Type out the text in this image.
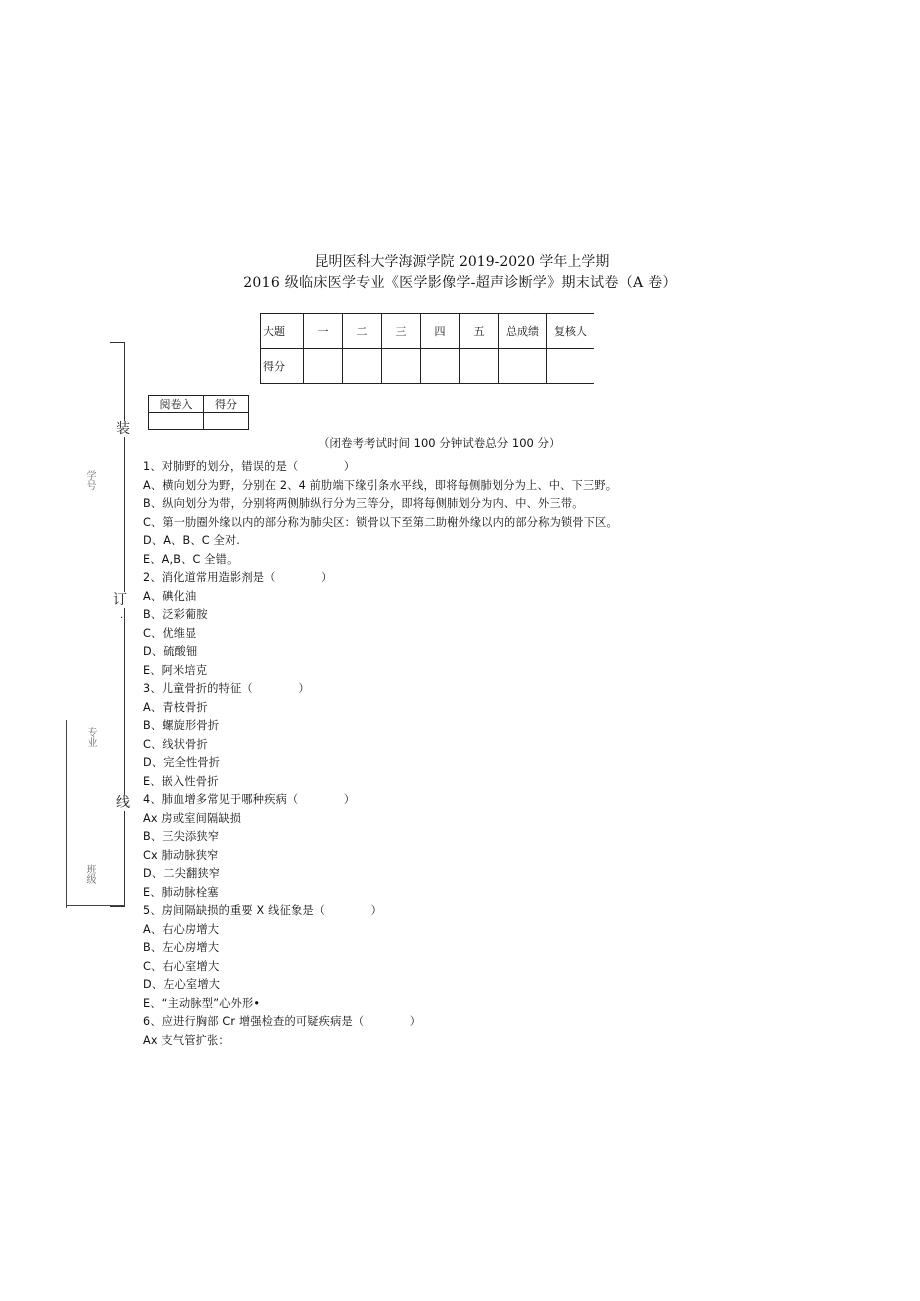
昆明医科大学海源学院 2019-2020 学年上学期
2016 级临床医学专业《医学影像学-超声诊断学》期末试卷（A 卷）
大题	一	二	三	四	五	总成绩	复核人
得分							
阅卷入	得分

（闭卷考考试时间 100 分钟试卷总分 100 分）
装
订
.
线
学号
专业
班级
1、对肺野的划分，错误的是（　　　　）
A、横向划分为野，分别在 2、4 前肋端下缘引条水平线，即将每侧肺划分为上、中、下三野。
B、纵向划分为带，分别将两侧肺纵行分为三等分，即将每侧肺划分为内、中、外三带。
C、第一肋圈外缘以内的部分称为肺尖区：锁骨以下至第二助榭外缘以内的部分称为锁骨下区。
D、A、B、C 全对.
E、A,B、C 全错。
2、消化道常用造影剂是（　　　　）
A、碘化油
B、泛彩葡胺
C、优维显
D、硫酸钿
E、阿米培克
3、儿童骨折的特征（　　　　）
A、青枝骨折
B、螺旋形骨折
C、线状骨折
D、完全性骨折
E、嵌入性骨折
4、肺血增多常见于哪种疾病（　　　　）
Ax 房或室间隔缺损
B、三尖添狭窄
Cx 肺动脉狭窄
D、二尖翻狭窄
E、肺动脉栓塞
5、房间隔缺损的重要 X 线征象是（　　　　）
A、右心房增大
B、左心房增大
C、右心室增大
D、左心室增大
E、“主动脉型”心外形•
6、应进行胸部 Cr 增强检查的可疑疾病是（　　　　）
Ax 支气管扩张：
